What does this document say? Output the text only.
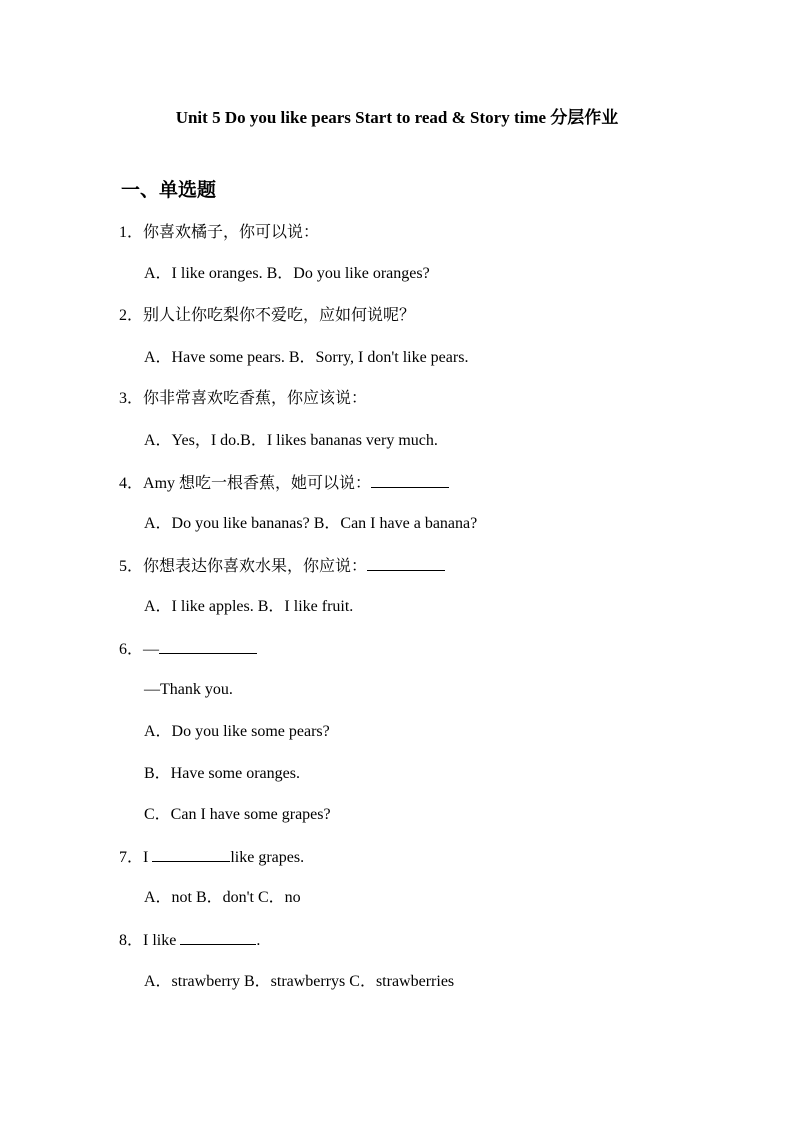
Unit 5 Do you like pears Start to read & Story time 分层作业
一、单选题
1．你喜欢橘子，你可以说：
A．I like oranges. B．Do you like oranges?
2．别人让你吃梨你不爱吃，应如何说呢？
A．Have some pears. B．Sorry, I don't like pears.
3．你非常喜欢吃香蕉，你应该说：
A．Yes，I do.B．I likes bananas very much.
4．Amy 想吃一根香蕉，她可以说：
A．Do you like bananas? B．Can I have a banana?
5．你想表达你喜欢水果，你应说：
A．I like apples. B．I like fruit.
6．—
—Thank you.
A．Do you like some pears?
B．Have some oranges.
C．Can I have some grapes?
7．I	like grapes.
A．not B．don't C．no
8．I like	.
A．strawberry B．strawberrys C．strawberries
